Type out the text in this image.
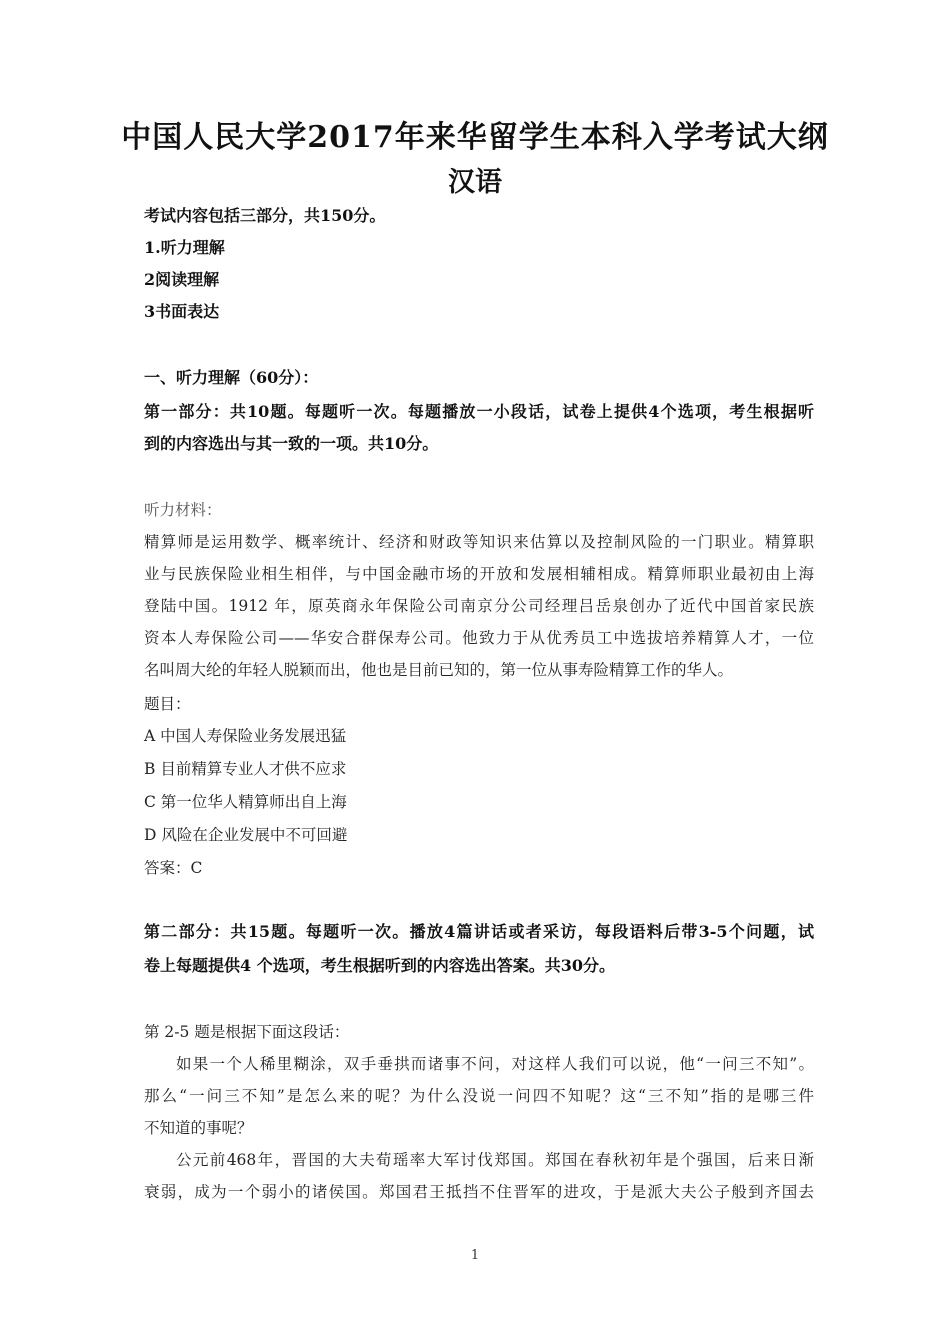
中国人民大学2017年来华留学生本科入学考试大纲
汉语
考试内容包括三部分，共150分。
1.听力理解
2阅读理解
3书面表达
一、听力理解（60分）：
第一部分：共10题。每题听一次。每题播放一小段话，试卷上提供4个选项，考生根据听
到的内容选出与其一致的一项。共10分。
听力材料：
精算师是运用数学、概率统计、经济和财政等知识来估算以及控制风险的一门职业。精算职
业与民族保险业相生相伴，与中国金融市场的开放和发展相辅相成。精算师职业最初由上海
登陆中国。1912 年，原英商永年保险公司南京分公司经理吕岳泉创办了近代中国首家民族
资本人寿保险公司——华安合群保寿公司。他致力于从优秀员工中选拔培养精算人才，一位
名叫周大纶的年轻人脱颖而出，他也是目前已知的，第一位从事寿险精算工作的华人。
题目：
A 中国人寿保险业务发展迅猛
B 目前精算专业人才供不应求
C 第一位华人精算师出自上海
D 风险在企业发展中不可回避
答案：C
第二部分：共15题。每题听一次。播放4篇讲话或者采访，每段语料后带3-5个问题，试
卷上每题提供4 个选项，考生根据听到的内容选出答案。共30分。
第 2-5 题是根据下面这段话：
如果一个人稀里糊涂，双手垂拱而诸事不问，对这样人我们可以说，他“一问三不知”。
那么“一问三不知”是怎么来的呢？为什么没说一问四不知呢？这“三不知”指的是哪三件
不知道的事呢？
公元前468年，晋国的大夫荀瑶率大军讨伐郑国。郑国在春秋初年是个强国，后来日渐
衰弱，成为一个弱小的诸侯国。郑国君王抵挡不住晋军的进攻，于是派大夫公子般到齐国去
1
